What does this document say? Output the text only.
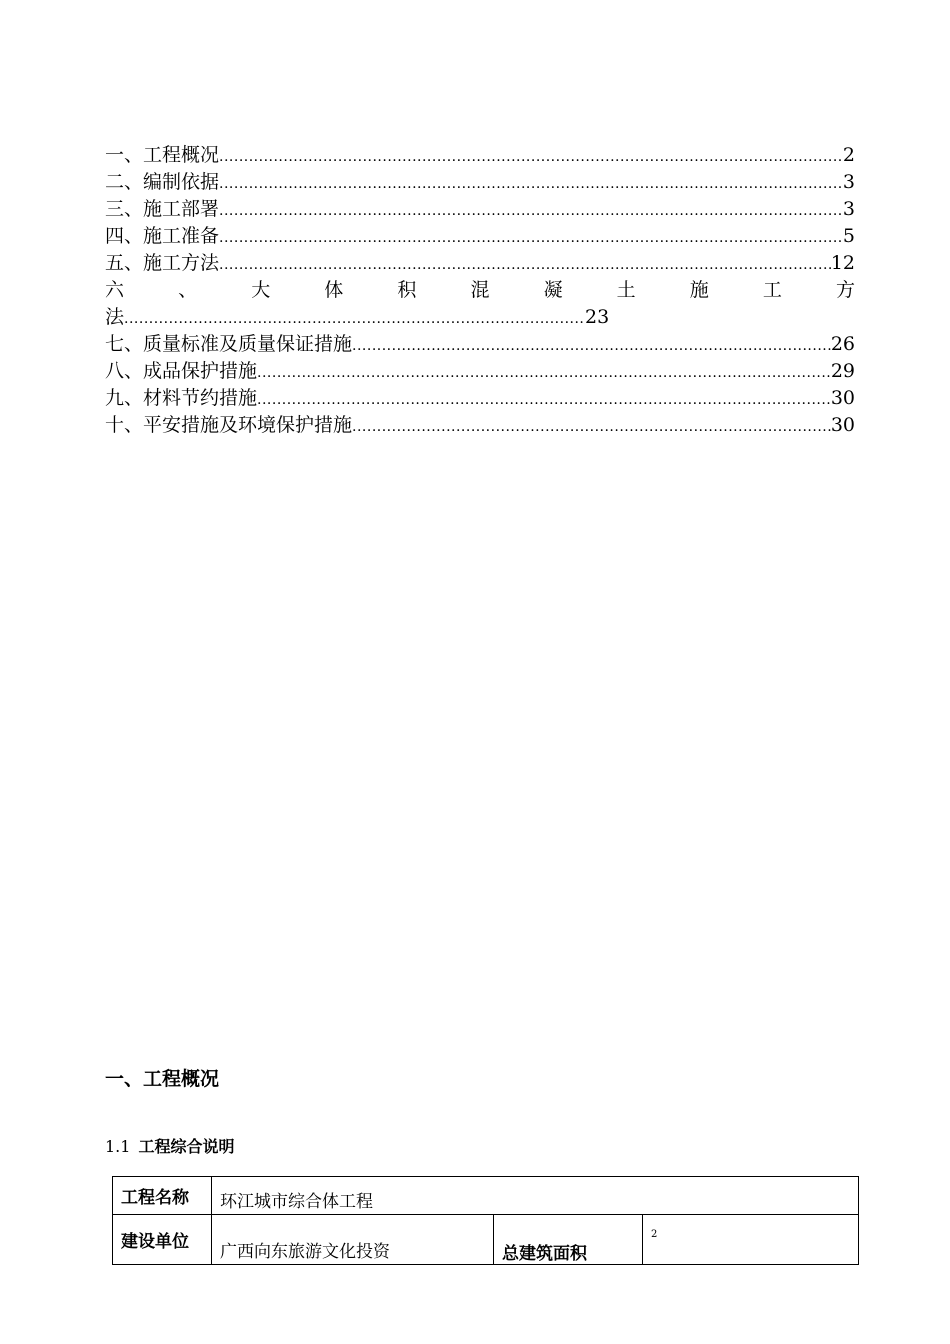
一、工程概况 .....	2
二、编制依据 .....	3
三、施工部署 .....	3
四、施工准备 .....	5
五、施工方法 .....	12
六	、	大	体	积	混	凝	土	施	工	方
法 .....	23
七、质量标准及质量保证措施 .....	26
八、成品保护措施 .....	29
九、材料节约措施 .....	30
十、平安措施及环境保护措施 .....	30
一、工程概况
1.1 工程综合说明
工程名称	环江城市综合体工程		
建设单位	广西向东旅游文化投资	总建筑面积	2
